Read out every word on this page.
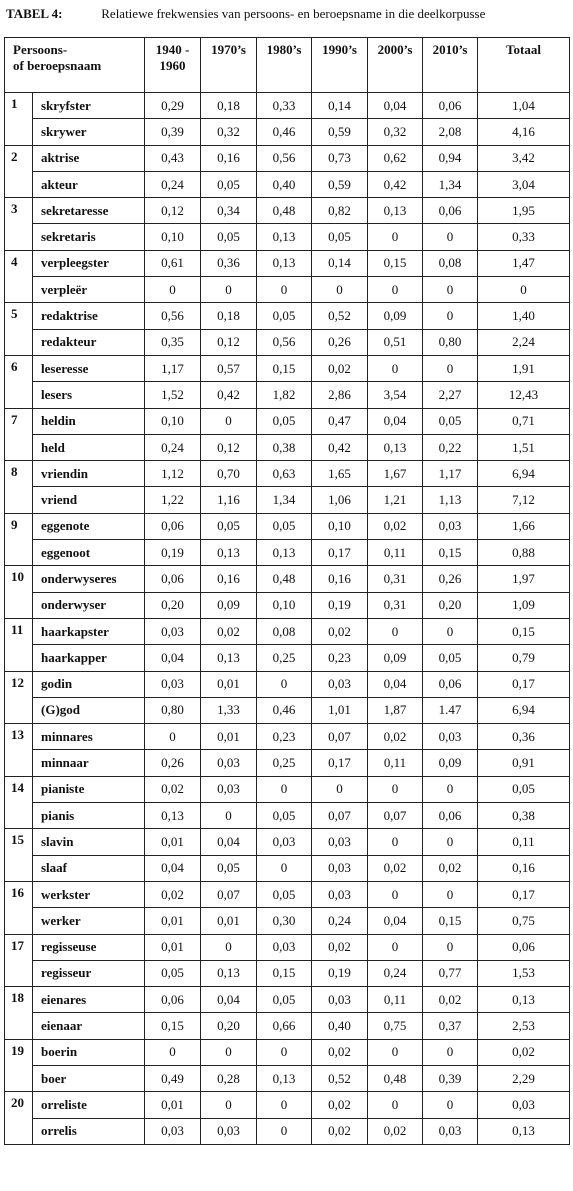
TABEL 4:	Relatiewe frekwensies van persoons- en beroepsname in die deelkorpusse
Persoons-
of beroepsnaam		1940 -
1960	1970’s	1980’s	1990’s	2000’s	2010’s	Totaal
1	skryfster	0,29	0,18	0,33	0,14	0,04	0,06	1,04
	skrywer	0,39	0,32	0,46	0,59	0,32	2,08	4,16
2	aktrise	0,43	0,16	0,56	0,73	0,62	0,94	3,42
	akteur	0,24	0,05	0,40	0,59	0,42	1,34	3,04
3	sekretaresse	0,12	0,34	0,48	0,82	0,13	0,06	1,95
	sekretaris	0,10	0,05	0,13	0,05	0	0	0,33
4	verpleegster	0,61	0,36	0,13	0,14	0,15	0,08	1,47
	verpleër	0	0	0	0	0	0	0
5	redaktrise	0,56	0,18	0,05	0,52	0,09	0	1,40
	redakteur	0,35	0,12	0,56	0,26	0,51	0,80	2,24
6	leseresse	1,17	0,57	0,15	0,02	0	0	1,91
	lesers	1,52	0,42	1,82	2,86	3,54	2,27	12,43
7	heldin	0,10	0	0,05	0,47	0,04	0,05	0,71
	held	0,24	0,12	0,38	0,42	0,13	0,22	1,51
8	vriendin	1,12	0,70	0,63	1,65	1,67	1,17	6,94
	vriend	1,22	1,16	1,34	1,06	1,21	1,13	7,12
9	eggenote	0,06	0,05	0,05	0,10	0,02	0,03	1,66
	eggenoot	0,19	0,13	0,13	0,17	0,11	0,15	0,88
10	onderwyseres	0,06	0,16	0,48	0,16	0,31	0,26	1,97
	onderwyser	0,20	0,09	0,10	0,19	0,31	0,20	1,09
11	haarkapster	0,03	0,02	0,08	0,02	0	0	0,15
	haarkapper	0,04	0,13	0,25	0,23	0,09	0,05	0,79
12	godin	0,03	0,01	0	0,03	0,04	0,06	0,17
	(G)god	0,80	1,33	0,46	1,01	1,87	1.47	6,94
13	minnares	0	0,01	0,23	0,07	0,02	0,03	0,36
	minnaar	0,26	0,03	0,25	0,17	0,11	0,09	0,91
14	pianiste	0,02	0,03	0	0	0	0	0,05
	pianis	0,13	0	0,05	0,07	0,07	0,06	0,38
15	slavin	0,01	0,04	0,03	0,03	0	0	0,11
	slaaf	0,04	0,05	0	0,03	0,02	0,02	0,16
16	werkster	0,02	0,07	0,05	0,03	0	0	0,17
	werker	0,01	0,01	0,30	0,24	0,04	0,15	0,75
17	regisseuse	0,01	0	0,03	0,02	0	0	0,06
	regisseur	0,05	0,13	0,15	0,19	0,24	0,77	1,53
18	eienares	0,06	0,04	0,05	0,03	0,11	0,02	0,13
	eienaar	0,15	0,20	0,66	0,40	0,75	0,37	2,53
19	boerin	0	0	0	0,02	0	0	0,02
	boer	0,49	0,28	0,13	0,52	0,48	0,39	2,29
20	orreliste	0,01	0	0	0,02	0	0	0,03
	orrelis	0,03	0,03	0	0,02	0,02	0,03	0,13
